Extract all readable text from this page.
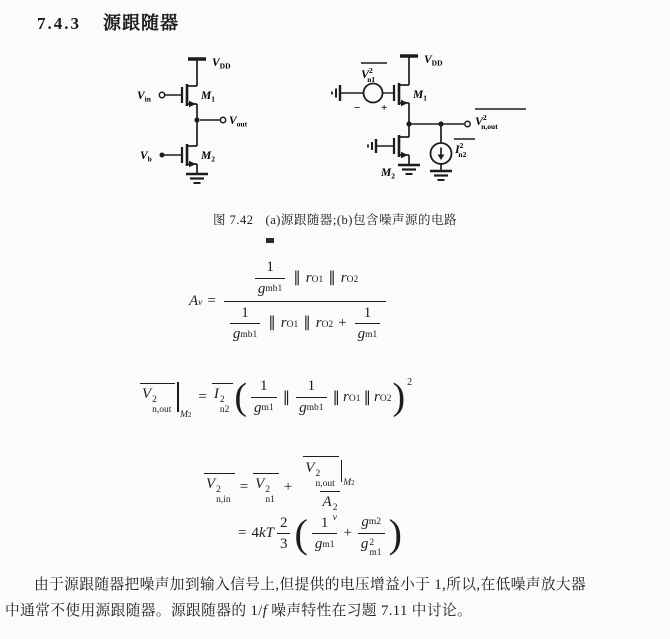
7.4.3 源跟随器
$V_{DD}$
$V_{in}$	$M_1$
$V_{out}$
$V_b$	$M_2$
$V^2$ n1
− +
$V_{DD}$
$M_1$
$V^2$ n,out
$I^2$ n2
$M_2$
图 7.42 (a)源跟随器;(b)包含噪声源的电路
A $v = \frac{\frac{1}{\text{g mb1}} \parallel r O1 \parallel r O2}{\frac{1}{\text{g mb1}} \parallel r O1 \parallel r O2 + \frac{1}{\text{g m1}}}$
V 2
n,out
M 2
= I 2
n2 ( $\frac{1}{\text{g m1}}$ ∥ $\frac{1}{\text{g mb1}}$ ∥ r O1 ∥ r O2 ) 2
V 2
n,in
= V 2
n1
+ V 2
n,out M 2
A 2
v
= 4 k T $\frac{2}{3}$ ( $\frac{1}{\text{g m1}} + g$ m2
g 2
m1 )
由于源跟随器把噪声加到输入信号上,但提供的电压增益小于 1,所以,在低噪声放大器
中通常不使用源跟随器。源跟随器的 1/f 噪声特性在习题 7.11 中讨论。
